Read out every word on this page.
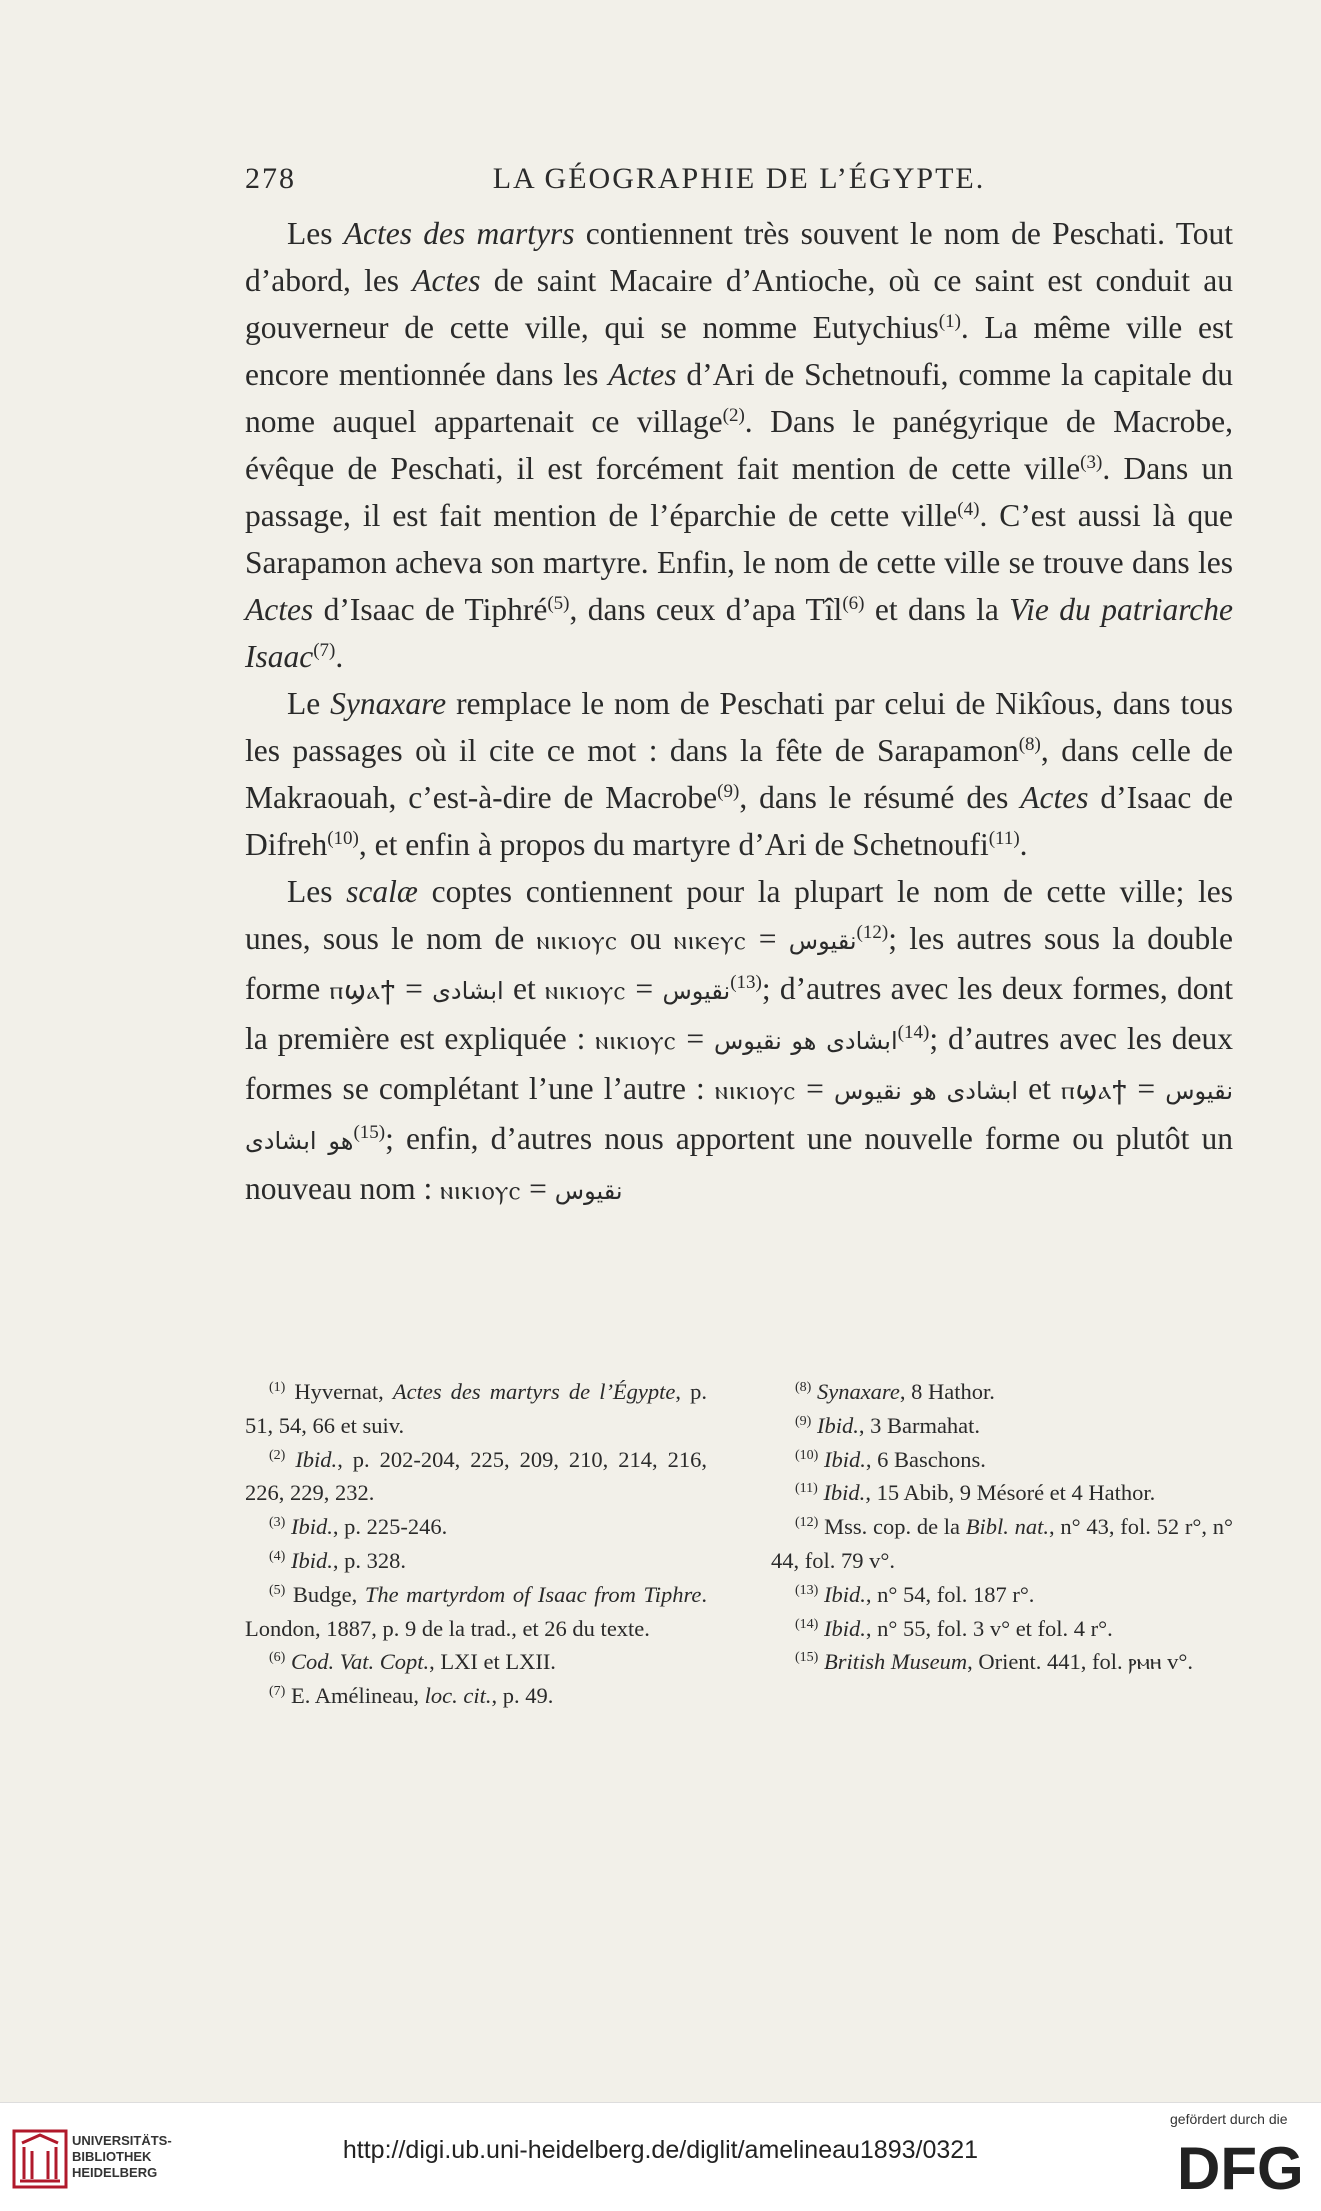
278	LA GÉOGRAPHIE DE L’ÉGYPTE.

Les Actes des martyrs contiennent très souvent le nom de Peschati. Tout d’abord, les Actes de saint Macaire d’Antioche, où ce saint est conduit au gouverneur de cette ville, qui se nomme Eutychius$^{(1)}$. La même ville est encore mentionnée dans les Actes d’Ari de Schetnoufi, comme la capitale du nome auquel appartenait ce village$^{(2)}$. Dans le panégyrique de Macrobe, évêque de Peschati, il est forcément fait mention de cette ville$^{(3)}$. Dans un passage, il est fait mention de l’éparchie de cette ville$^{(4)}$. C’est aussi là que Sarapamon acheva son martyre. Enfin, le nom de cette ville se trouve dans les Actes d’Isaac de Tiphré$^{(5)}$, dans ceux d’apa Tîl$^{(6)}$ et dans la Vie du patriarche Isaac$^{(7)}$.

Le Synaxare remplace le nom de Peschati par celui de Nikîous, dans tous les passages où il cite ce mot : dans la fête de Sarapamon$^{(8)}$, dans celle de Makraouah, c’est-à-dire de Macrobe$^{(9)}$, dans le résumé des Actes d’Isaac de Difreh$^{(10)}$, et enfin à propos du martyre d’Ari de Schetnoufi$^{(11)}$.

Les scalæ coptes contiennent pour la plupart le nom de cette ville; les unes, sous le nom de ⲛⲓⲕⲓⲟⲩⲥ ou ⲛⲓⲕⲉⲩⲥ = نقيوس$^{(12)}$; les autres sous la double forme ⲡϣⲁϯ = ابشادى et ⲛⲓⲕⲓⲟⲩⲥ = نقيوس$^{(13)}$; d’autres avec les deux formes, dont la première est expliquée : ⲛⲓⲕⲓⲟⲩⲥ = ابشادى هو نقيوس$^{(14)}$; d’autres avec les deux formes se complétant l’une l’autre : ⲛⲓⲕⲓⲟⲩⲥ = ابشادى هو نقيوس et ⲡϣⲁϯ = نقيوس هو ابشادى$^{(15)}$; enfin, d’autres nous apportent une nouvelle forme ou plutôt un nouveau nom : ⲛⲓⲕⲓⲟⲩⲥ = نقيوس

$^{(1)}$ Hyvernat, Actes des martyrs de l’Égypte, p. 51, 54, 66 et suiv.
$^{(2)}$ Ibid., p. 202-204, 225, 209, 210, 214, 216, 226, 229, 232.
$^{(3)}$ Ibid., p. 225-246.
$^{(4)}$ Ibid., p. 328.
$^{(5)}$ Budge, The martyrdom of Isaac from Tiphre. London, 1887, p. 9 de la trad., et 26 du texte.
$^{(6)}$ Cod. Vat. Copt., LXI et LXII.
$^{(7)}$ E. Amélineau, loc. cit., p. 49.
$^{(8)}$ Synaxare, 8 Hathor.
$^{(9)}$ Ibid., 3 Barmahat.
$^{(10)}$ Ibid., 6 Baschons.
$^{(11)}$ Ibid., 15 Abib, 9 Mésoré et 4 Hathor.
$^{(12)}$ Mss. cop. de la Bibl. nat., n° 43, fol. 52 r°, n° 44, fol. 79 v°.
$^{(13)}$ Ibid., n° 54, fol. 187 r°.
$^{(14)}$ Ibid., n° 55, fol. 3 v° et fol. 4 r°.
$^{(15)}$ British Museum, Orient. 441, fol. ⲣⲙⲏ v°.
UNIVERSITÄTS-
BIBLIOTHEK
HEIDELBERG
http://digi.ub.uni-heidelberg.de/diglit/amelineau1893/0321
gefördert durch die
DFG
